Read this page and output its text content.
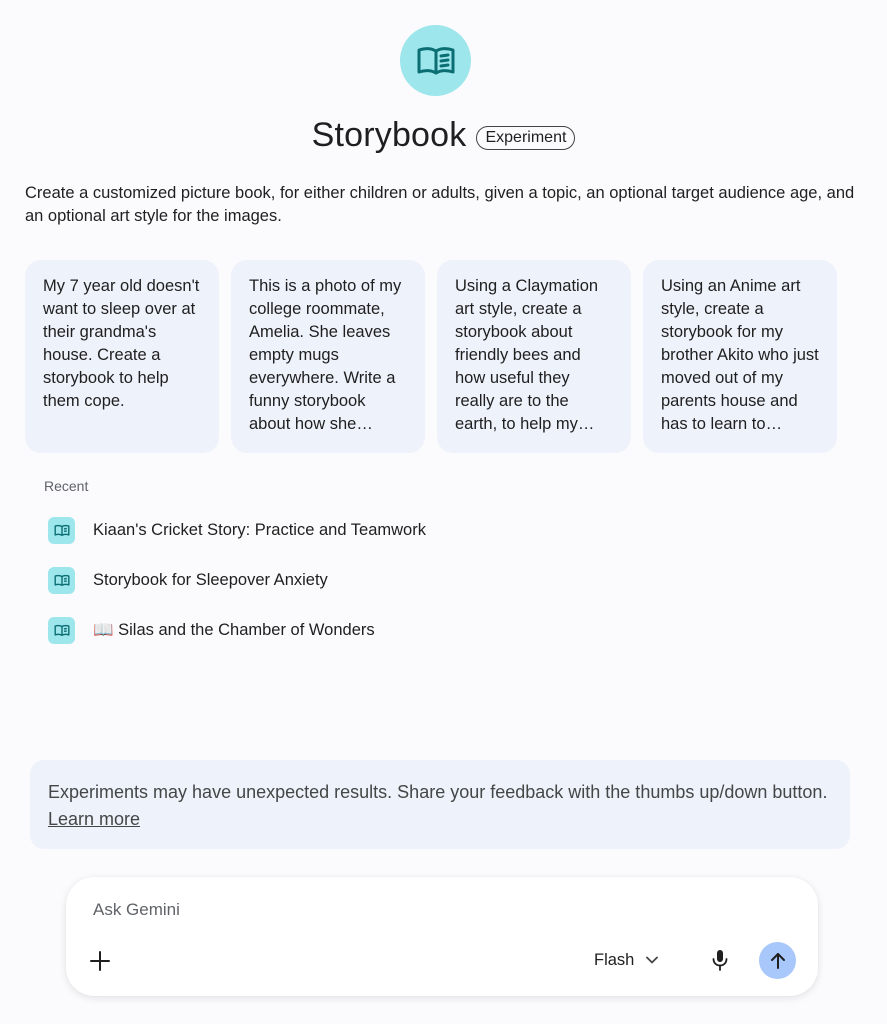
Storybook	Experiment

Create a customized picture book, for either children or adults, given a topic, an optional target audience age, and an optional art style for the images.

My 7 year old doesn't want to sleep over at their grandma's house. Create a storybook to help them cope.
This is a photo of my college roommate, Amelia. She leaves empty mugs everywhere. Write a funny storybook about how she…
Using a Claymation art style, create a storybook about friendly bees and how useful they really are to the earth, to help my…
Using an Anime art style, create a storybook for my brother Akito who just moved out of my parents house and has to learn to…
Recent
Kiaan's Cricket Story: Practice and Teamwork
Storybook for Sleepover Anxiety
📖 Silas and the Chamber of Wonders
Experiments may have unexpected results. Share your feedback with the thumbs up/down button. Learn more
Ask Gemini
Flash
